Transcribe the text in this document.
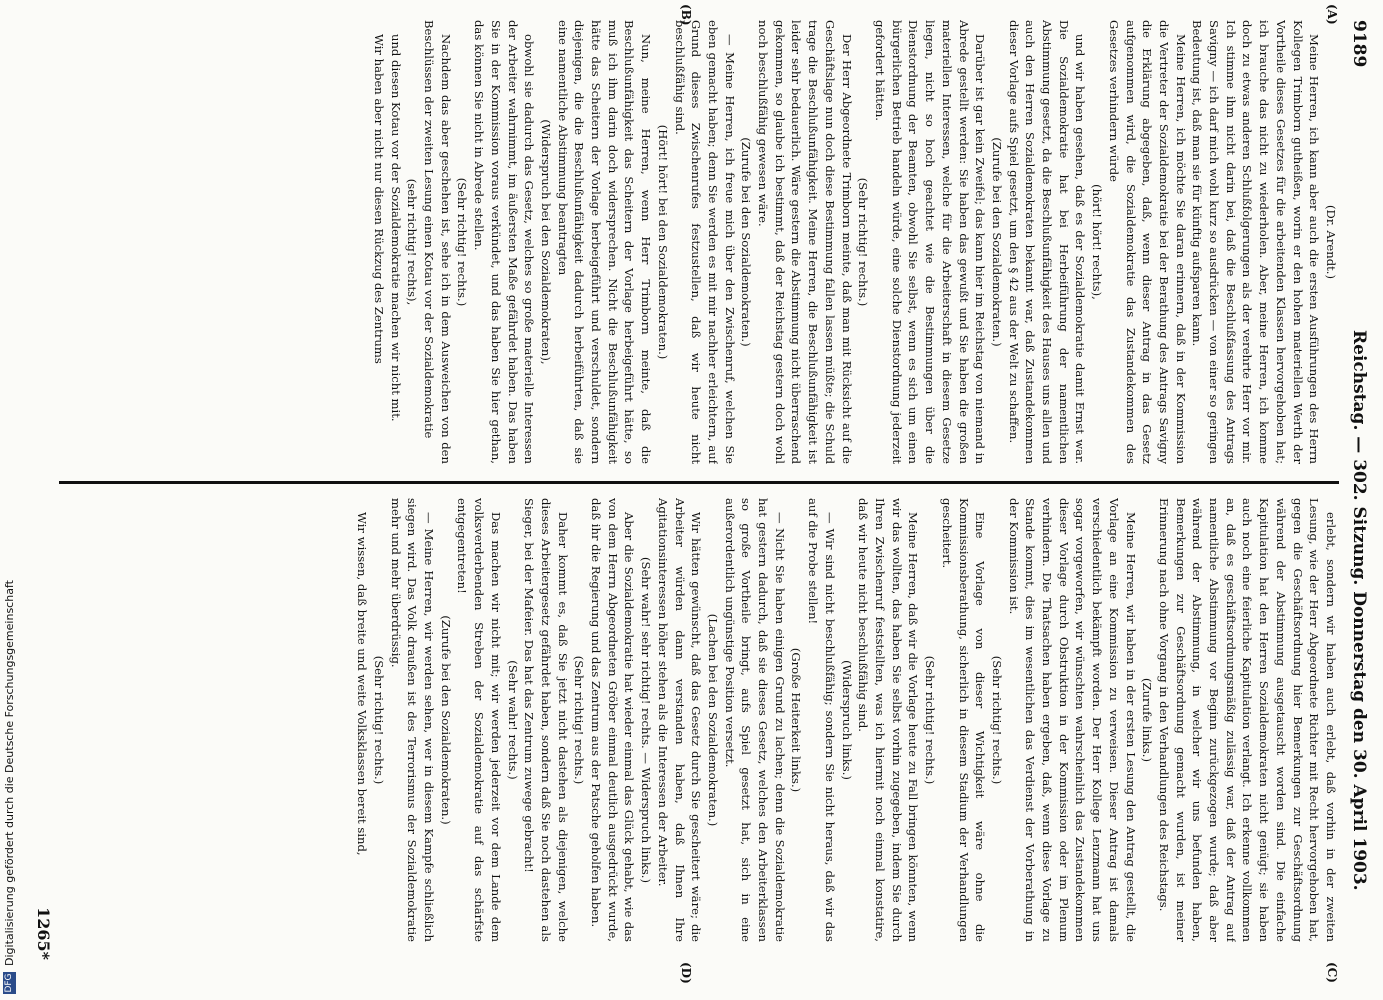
9189
Reichstag. — 302. Sitzung. Donnerstag den 30. April 1903.
(A)
(B)
(C)
(D)

(Dr. Arendt.)

Meine Herren, ich kann aber auch die ersten Ausführungen des Herrn Kollegen Trimborn gutheißen, worin er den hohen materiellen Werth der Vortheile dieses Gesetzes für die arbeitenden Klassen hervorgehoben hat; ich brauche das nicht zu wiederholen. Aber, meine Herren, ich komme doch zu etwas anderen Schlußfolgerungen als der verehrte Herr vor mir. Ich stimme ihm nicht darin bei, daß die Beschlußfassung des Antrags Savigny — ich darf mich wohl kurz so ausdrücken — von einer so geringen Bedeutung ist, daß man sie für künftig aufsparen kann.

Meine Herren, ich möchte Sie daran erinnern, daß in der Kommission die Vertreter der Sozialdemokratie bei der Berathung des Antrags Savigny die Erklärung abgegeben, daß, wenn dieser Antrag in das Gesetz aufgenommen wird, die Sozialdemokratie das Zustandekommen des Gesetzes verhindern würde

(hört! hört! rechts),

und wir haben gesehen, daß es der Sozialdemokratie damit Ernst war. Die Sozialdemokratie hat bei Herbeiführung der namentlichen Abstimmung gesetzt, da die Beschlußunfähigkeit des Hauses uns allen und auch den Herren Sozialdemokraten bekannt war, daß Zustandekommen dieser Vorlage aufs Spiel gesetzt, um den § 42 aus der Welt zu schaffen.

(Zurufe bei den Sozialdemokraten.)

Darüber ist gar kein Zweifel; das kann hier im Reichstag von niemand in Abrede gestellt werden: Sie haben das gewußt und Sie haben die großen materiellen Interessen, welche für die Arbeiterschaft in diesem Gesetze liegen, nicht so hoch geachtet wie die Bestimmungen über die Dienstordnung der Beamten, obwohl Sie selbst, wenn es sich um einen bürgerlichen Betrieb handeln würde, eine solche Dienstordnung jederzeit gefordert hätten.

(Sehr richtig! rechts.)

Der Herr Abgeordnete Trimborn meinte, daß man mit Rücksicht auf die Geschäftslage nun doch diese Bestimmung fallen lassen müßte; die Schuld trage die Beschlußunfähigkeit. Meine Herren, die Beschlußunfähigkeit ist leider sehr bedauerlich. Wäre gestern die Abstimmung nicht überraschend gekommen, so glaube ich bestimmt, daß der Reichstag gestern doch wohl noch beschlußfähig gewesen wäre.

(Zurufe bei den Sozialdemokraten.)

— Meine Herren, ich freue mich über den Zwischenruf, welchen Sie eben gemacht haben; denn Sie werden es mit mir nachher erleichtern, auf Grund dieses Zwischenrufes festzustellen, daß wir heute nicht beschlußfähig sind.

(Hört! hört! bei den Sozialdemokraten.)

Nun, meine Herren, wenn Herr Trimborn meinte, daß die Beschlußunfähigkeit das Scheitern der Vorlage herbeigeführt hätte, so muß ich ihm darin doch widersprechen. Nicht die Beschlußunfähigkeit hätte das Scheitern der Vorlage herbeigeführt und verschuldet, sondern diejenigen, die die Beschlußunfähigkeit dadurch herbeiführten, daß sie eine namentliche Abstimmung beantragten

(Widerspruch bei den Sozialdemokraten),

obwohl sie dadurch das Gesetz, welches so große materielle Interessen der Arbeiter wahrnimmt, im äußersten Maße gefährdet haben. Das haben Sie in der Kommission voraus verkündet, und das haben Sie hier gethan, das können Sie nicht in Abrede stellen.

(Sehr richtig! rechts.)

Nachdem das aber geschehen ist, sehe ich in dem Ausweichen von den Beschlüssen der zweiten Lesung einen Kotau vor der Sozialdemokratie

(sehr richtig! rechts),

und diesen Kotau vor der Sozialdemokratie machen wir nicht mit.

Wir haben aber nicht nur diesen Rückzug des Zentrums

erlebt, sondern wir haben auch erlebt, daß vorhin in der zweiten Lesung, wie der Herr Abgeordnete Richter mit Recht hervorgehoben hat, gegen die Geschäftsordnung hier Bemerkungen zur Geschäftsordnung während der Abstimmung ausgetauscht worden sind. Die einfache Kapitulation hat den Herren Sozialdemokraten nicht genügt; sie haben auch noch eine feierliche Kapitulation verlangt. Ich erkenne vollkommen an, daß es geschäftsordnungsmäßig zulässig war, daß der Antrag auf namentliche Abstimmung vor Beginn zurückgezogen wurde; daß aber während der Abstimmung, in welcher wir uns befunden haben, Bemerkungen zur Geschäftsordnung gemacht wurden, ist meiner Erinnerung nach ohne Vorgang in den Verhandlungen des Reichstags.

(Zurufe links.)

Meine Herren, wir haben in der ersten Lesung den Antrag gestellt, die Vorlage an eine Kommission zu verweisen. Dieser Antrag ist damals verschiedentlich bekämpft worden. Der Herr Kollege Lenzmann hat uns sogar vorgeworfen, wir wünschten wahrscheinlich das Zustandekommen dieser Vorlage durch Obstruktion in der Kommission oder im Plenum verhindern. Die Thatsachen haben ergeben, daß, wenn diese Vorlage zu Stande kommt, dies im wesentlichen das Verdienst der Vorberathung in der Kommission ist.

(Sehr richtig! rechts.)

Eine Vorlage von dieser Wichtigkeit wäre ohne die Kommissionsberathung, sicherlich in diesem Stadium der Verhandlungen gescheitert.

(Sehr richtig! rechts.)

Meine Herren, daß wir die Vorlage heute zu Fall bringen könnten, wenn wir das wollten, das haben Sie selbst vorhin zugegeben, indem Sie durch Ihren Zwischenruf feststellten, was ich hiermit noch einmal konstatire, daß wir heute nicht beschlußfähig sind.

(Widerspruch links.)

— Wir sind nicht beschlußfähig; sondern Sie nicht heraus, daß wir das auf die Probe stellen!

(Große Heiterkeit links.)

— Nicht Sie haben einigen Grund zu lachen; denn die Sozialdemokratie hat gestern dadurch, daß sie dieses Gesetz, welches den Arbeiterklassen so große Vortheile bringt, aufs Spiel gesetzt hat, sich in eine außerordentlich ungünstige Position versetzt.

(Lachen bei den Sozialdemokraten.)

Wir hätten gewünscht, daß das Gesetz durch Sie gescheitert wäre; die Arbeiter würden dann verstanden haben, daß Ihnen Ihre Agitationsinteressen höher stehen als die Interessen der Arbeiter.

(Sehr wahr! sehr richtig! rechts. — Widerspruch links.)

Aber die Sozialdemokratie hat wieder einmal das Glück gehabt, wie das von dem Herrn Abgeordneten Gröber einmal deutlich ausgedrückt wurde, daß ihr die Regierung und das Zentrum aus der Patsche geholfen haben.

(Sehr richtig! rechts.)

Daher kommt es, daß Sie jetzt nicht dastehen als diejenigen, welche dieses Arbeitergesetz gefährdet haben, sondern daß Sie noch dastehen als Sieger, bei der Mafeier. Das hat das Zentrum zuwege gebracht!

(Sehr wahr! rechts.)

Das machen wir nicht mit; wir werden jederzeit vor dem Lande dem volksverderbenden Streben der Sozialdemokratie auf das schärfste entgegentreten!

(Zurufe bei den Sozialdemokraten.)

— Meine Herren, wir werden sehen, wer in diesem Kampfe schließlich siegen wird. Das Volk draußen ist des Terrorismus der Sozialdemokratie mehr und mehr überdrüssig.

(Sehr richtig! rechts.)

Wir wissen, daß breite und weite Volksklassen bereit sind,

1265*
DFG
Digitalisierung gefördert durch die Deutsche Forschungsgemeinschaft
